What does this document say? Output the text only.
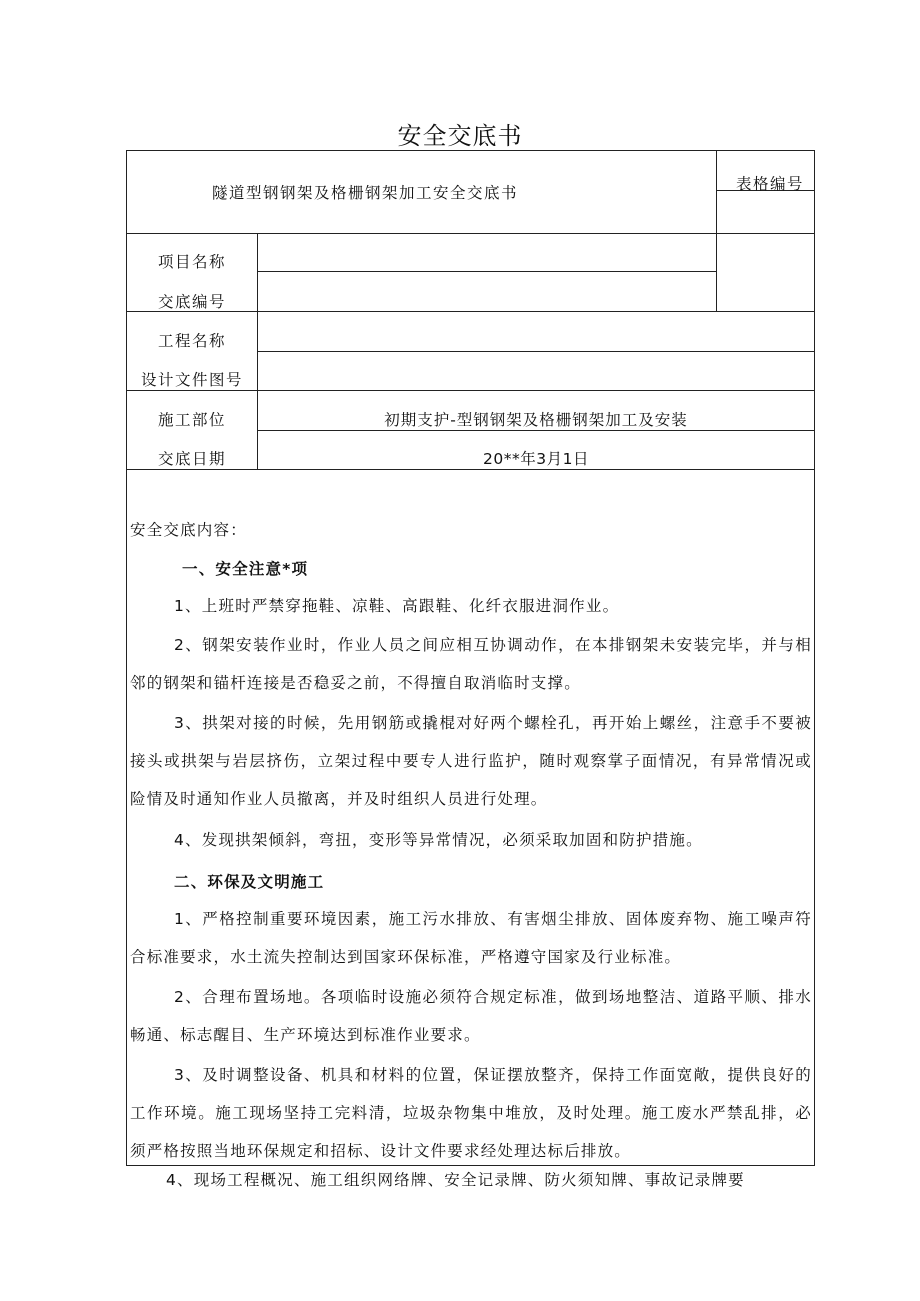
安全交底书
隧道型钢钢架及格栅钢架加工安全交底书	表格编号
项目名称
交底编号
工程名称
设计文件图号
施工部位
交底日期
初期支护-型钢钢架及格栅钢架加工及安装
20**年3月1日
安全交底内容：
一、安全注意*项
1、上班时严禁穿拖鞋、凉鞋、高跟鞋、化纤衣服进洞作业。
2、钢架安装作业时，作业人员之间应相互协调动作，在本排钢架未安装完毕，并与相邻的钢架和锚杆连接是否稳妥之前，不得擅自取消临时支撑。
3、拱架对接的时候，先用钢筋或撬棍对好两个螺栓孔，再开始上螺丝，注意手不要被接头或拱架与岩层挤伤，立架过程中要专人进行监护，随时观察掌子面情况，有异常情况或险情及时通知作业人员撤离，并及时组织人员进行处理。
4、发现拱架倾斜，弯扭，变形等异常情况，必须采取加固和防护措施。
二、环保及文明施工
1、严格控制重要环境因素，施工污水排放、有害烟尘排放、固体废弃物、施工噪声符合标准要求，水土流失控制达到国家环保标准，严格遵守国家及行业标准。
2、合理布置场地。各项临时设施必须符合规定标准，做到场地整洁、道路平顺、排水畅通、标志醒目、生产环境达到标准作业要求。
3、及时调整设备、机具和材料的位置，保证摆放整齐，保持工作面宽敞，提供良好的工作环境。施工现场坚持工完料清，垃圾杂物集中堆放，及时处理。施工废水严禁乱排，必须严格按照当地环保规定和招标、设计文件要求经处理达标后排放。
4、现场工程概况、施工组织网络牌、安全记录牌、防火须知牌、事故记录牌要
